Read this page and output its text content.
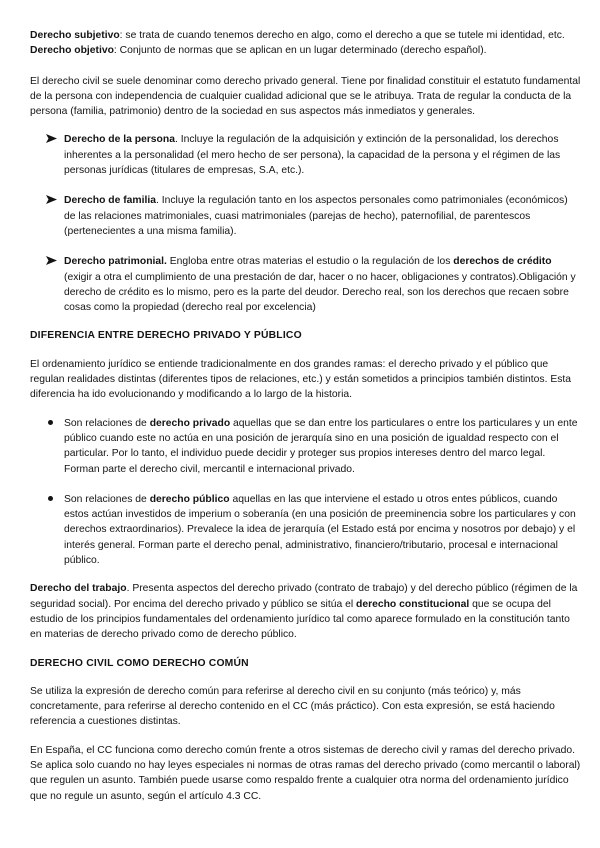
Derecho subjetivo: se trata de cuando tenemos derecho en algo, como el derecho a que se tutele mi identidad, etc.

Derecho objetivo: Conjunto de normas que se aplican en un lugar determinado (derecho español).

El derecho civil se suele denominar como derecho privado general. Tiene por finalidad constituir el estatuto fundamental de la persona con independencia de cualquier cualidad adicional que se le atribuya. Trata de regular la conducta de la persona (familia, patrimonio) dentro de la sociedad en sus aspectos más inmediatos y generales.

Derecho de la persona. Incluye la regulación de la adquisición y extinción de la personalidad, los derechos inherentes a la personalidad (el mero hecho de ser persona), la capacidad de la persona y el régimen de las personas jurídicas (titulares de empresas, S.A, etc.).

Derecho de familia. Incluye la regulación tanto en los aspectos personales como patrimoniales (económicos) de las relaciones matrimoniales, cuasi matrimoniales (parejas de hecho), paternofilial, de parentescos (pertenecientes a una misma familia).

Derecho patrimonial. Engloba entre otras materias el estudio o la regulación de los derechos de crédito (exigir a otra el cumplimiento de una prestación de dar, hacer o no hacer, obligaciones y contratos).Obligación y derecho de crédito es lo mismo, pero es la parte del deudor. Derecho real, son los derechos que recaen sobre cosas como la propiedad (derecho real por excelencia)

DIFERENCIA ENTRE DERECHO PRIVADO Y PÚBLICO

El ordenamiento jurídico se entiende tradicionalmente en dos grandes ramas: el derecho privado y el público que regulan realidades distintas (diferentes tipos de relaciones, etc.) y están sometidos a principios también distintos. Esta diferencia ha ido evolucionando y modificando a lo largo de la historia.

Son relaciones de derecho privado aquellas que se dan entre los particulares o entre los particulares y un ente público cuando este no actúa en una posición de jerarquía sino en una posición de igualdad respecto con el particular. Por lo tanto, el individuo puede decidir y proteger sus propios intereses dentro del marco legal. Forman parte el derecho civil, mercantil e internacional privado.

Son relaciones de derecho público aquellas en las que interviene el estado u otros entes públicos, cuando estos actúan investidos de imperium o soberanía (en una posición de preeminencia sobre los particulares y con derechos extraordinarios). Prevalece la idea de jerarquía (el Estado está por encima y nosotros por debajo) y el interés general. Forman parte el derecho penal, administrativo, financiero/tributario, procesal e internacional público.

Derecho del trabajo. Presenta aspectos del derecho privado (contrato de trabajo) y del derecho público (régimen de la seguridad social). Por encima del derecho privado y público se sitúa el derecho constitucional que se ocupa del estudio de los principios fundamentales del ordenamiento jurídico tal como aparece formulado en la constitución tanto en materias de derecho privado como de derecho público.

DERECHO CIVIL COMO DERECHO COMÚN

Se utiliza la expresión de derecho común para referirse al derecho civil en su conjunto (más teórico) y, más concretamente, para referirse al derecho contenido en el CC (más práctico). Con esta expresión, se está haciendo referencia a cuestiones distintas.

En España, el CC funciona como derecho común frente a otros sistemas de derecho civil y ramas del derecho privado. Se aplica solo cuando no hay leyes especiales ni normas de otras ramas del derecho privado (como mercantil o laboral) que regulen un asunto. También puede usarse como respaldo frente a cualquier otra norma del ordenamiento jurídico que no regule un asunto, según el artículo 4.3 CC.
